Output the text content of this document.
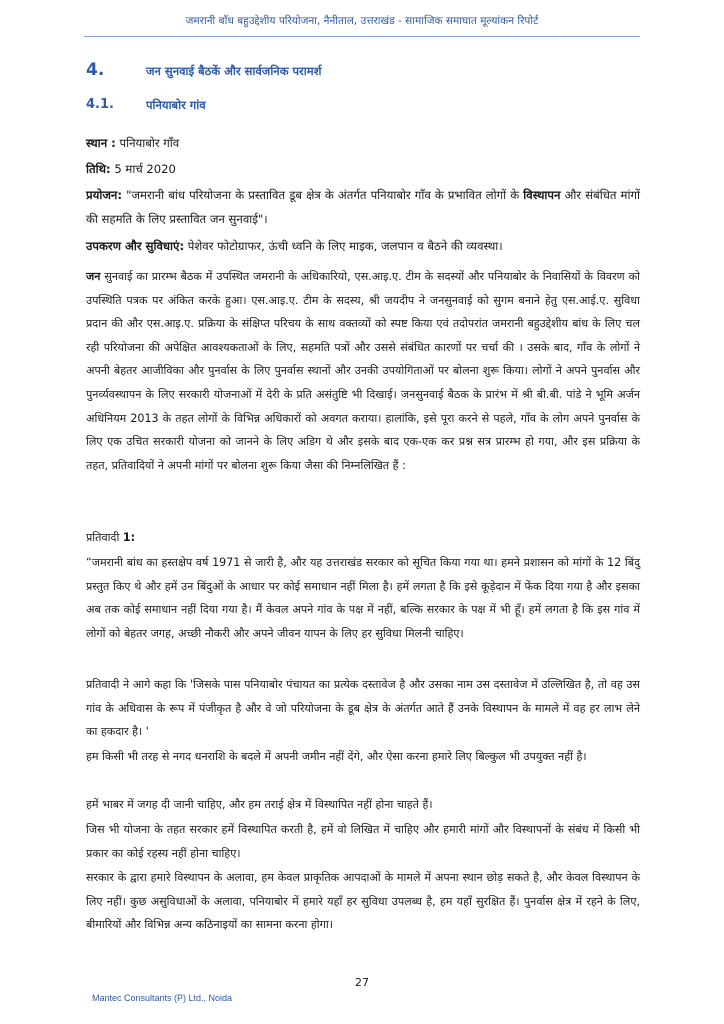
जमरानी बाँध बहुउद्देशीय परियोजना, नैनीताल, उत्तराखंड - सामाजिक समाघात मूल्यांकन रिपोर्ट
4.	जन सुनवाई बैठकें और सार्वजनिक परामर्श
4.1.	पनियाबोर गांव
स्थान : पनियाबोर गाँव
तिथि: 5 मार्च 2020
प्रयोजन: "जमरानी बांध परियोजना के प्रस्तावित डूब क्षेत्र के अंतर्गत पनियाबोर गाँव के प्रभावित लोगों के विस्थापन और संबंधित मांगों की सहमति के लिए प्रस्तावित जन सुनवाई"।
उपकरण और सुविधाएं: पेशेवर फोटोग्राफर, ऊंची ध्वनि के लिए माइक, जलपान व बैठने की व्यवस्था।
जन सुनवाई का प्रारम्भ बैठक में उपस्थित जमरानी के अधिकारियो, एस.आइ.ए. टीम के सदस्यों और पनियाबोर के निवासियों के विवरण को उपस्थिति पत्रक पर अंकित करके हुआ। एस.आइ.ए. टीम के सदस्य, श्री जयदीप ने जनसुनवाई को सुगम बनाने हेतु एस.आई.ए. सुविधा प्रदान की और एस.आइ.ए. प्रक्रिया के संक्षिप्त परिचय के साथ वक्तव्यों को स्पष्ट किया एवं तदोपरांत जमरानी बहुउद्देशीय बांध के लिए चल रही परियोजना की अपेक्षित आवश्यकताओं के लिए, सहमति पत्रों और उससे संबंधित कारणों पर चर्चा की । उसके बाद, गाँव के लोगों ने अपनी बेहतर आजीविका और पुनर्वास के लिए पुनर्वास स्थानों और उनकी उपयोगिताओं पर बोलना शुरू किया। लोगों ने अपने पुनर्वास और पुनर्व्यवस्थापन के लिए सरकारी योजनाओं में देरी के प्रति असंतुष्टि भी दिखाई। जनसुनवाई बैठक के प्रारंभ में श्री बी.बी. पांडे ने भूमि अर्जन अधिनियम 2013 के तहत लोगों के विभिन्न अधिकारों को अवगत कराया। हालांकि, इसे पूरा करने से पहले, गाँव के लोग अपने पुनर्वास के लिए एक उचित सरकारी योजना को जानने के लिए अडिग थे और इसके बाद एक-एक कर प्रश्न सत्र प्रारम्भ हो गया, और इस प्रक्रिया के तहत, प्रतिवादियों ने अपनी मांगों पर बोलना शुरू किया जैसा की निम्नलिखित हैं :
प्रतिवादी 1:
“जमरानी बांध का हस्तक्षेप वर्ष 1971 से जारी है, और यह उत्तराखंड सरकार को सूचित किया गया था। हमने प्रशासन को मांगों के 12 बिंदु प्रस्तुत किए थे और हमें उन बिंदुओं के आधार पर कोई समाधान नहीं मिला है। हमें लगता है कि इसे कूड़ेदान में फेंक दिया गया है और इसका अब तक कोई समाधान नहीं दिया गया है। मैं केवल अपने गांव के पक्ष में नहीं, बल्कि सरकार के पक्ष में भी हूँ। हमें लगता है कि इस गांव में लोगों को बेहतर जगह, अच्छी नौकरी और अपने जीवन यापन के लिए हर सुविधा मिलनी चाहिए।
प्रतिवादी ने आगे कहा कि 'जिसके पास पनियाबोर पंचायत का प्रत्येक दस्तावेज है और उसका नाम उस दस्तावेज में उल्लिखित है, तो वह उस गांव के अधिवास के रूप में पंजीकृत है और वे जो परियोजना के डूब क्षेत्र के अंतर्गत आते हैं उनके विस्थापन के मामले में वह हर लाभ लेने का हकदार है। '
हम किसी भी तरह से नगद धनराशि के बदले में अपनी जमीन नहीं देंगे, और ऐसा करना हमारे लिए बिल्कुल भी उपयुक्त नहीं है।
हमें भाबर में जगह दी जानी चाहिए, और हम तराई क्षेत्र में विस्थापित नहीं होना चाहते हैं।
जिस भी योजना के तहत सरकार हमें विस्थापित करती है, हमें वो लिखित में चाहिए और हमारी मांगों और विस्थापनों के संबंध में किसी भी प्रकार का कोई रहस्य नहीं होना चाहिए।
सरकार के द्वारा हमारे विस्थापन के अलावा, हम केवल प्राकृतिक आपदाओं के मामले में अपना स्थान छोड़ सकते है, और केवल विस्थापन के लिए नहीं। कुछ असुविधाओं के अलावा, पनियाबोर में हमारे यहाँ हर सुविधा उपलब्ध है, हम यहाँ सुरक्षित हैं। पुनर्वास क्षेत्र में रहने के लिए, बीमारियों और विभिन्न अन्य कठिनाइयों का सामना करना होगा।
27
Mantec Consultants (P) Ltd., Noida
